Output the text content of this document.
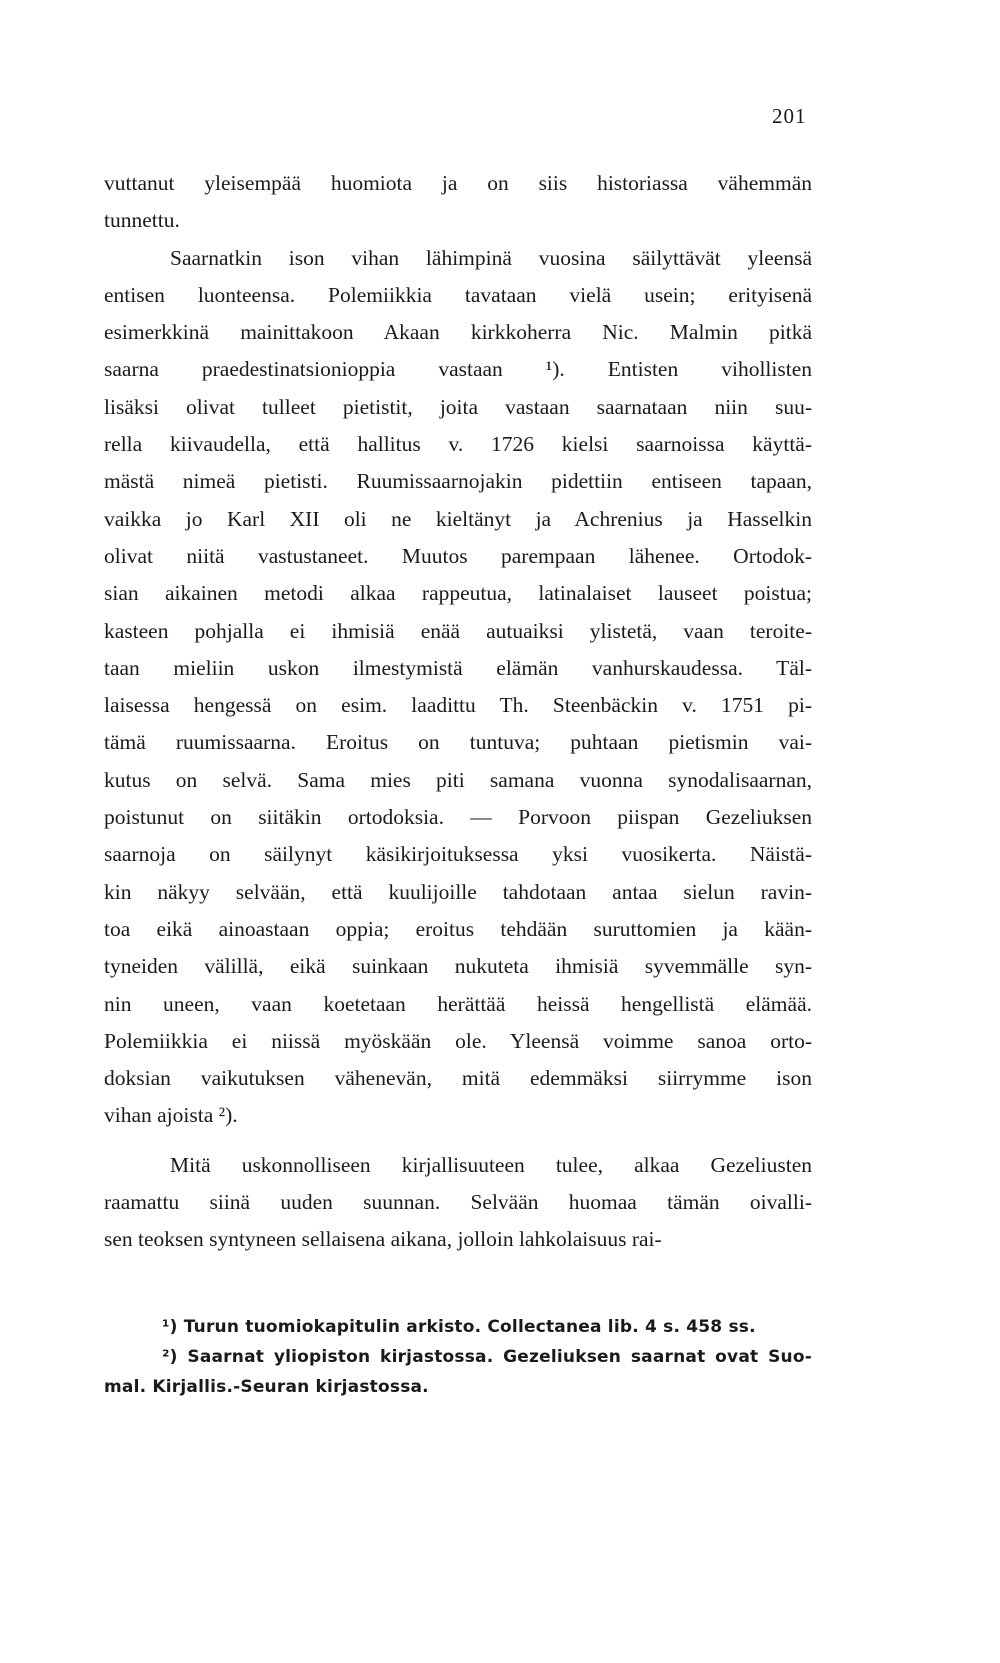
201
vuttanut yleisempää huomiota ja on siis historiassa vähemmän
tunnettu.
Saarnatkin ison vihan lähimpinä vuosina säilyttävät yleensä
entisen luonteensa. Polemiikkia tavataan vielä usein; erityisenä
esimerkkinä mainittakoon Akaan kirkkoherra Nic. Malmin pitkä
saarna praedestinatsionioppia vastaan ¹). Entisten vihollisten
lisäksi olivat tulleet pietistit, joita vastaan saarnataan niin suu-
rella kiivaudella, että hallitus v. 1726 kielsi saarnoissa käyttä-
mästä nimeä pietisti. Ruumissaarnojakin pidettiin entiseen tapaan,
vaikka jo Karl XII oli ne kieltänyt ja Achrenius ja Hasselkin
olivat niitä vastustaneet. Muutos parempaan lähenee. Ortodok-
sian aikainen metodi alkaa rappeutua, latinalaiset lauseet poistua;
kasteen pohjalla ei ihmisiä enää autuaiksi ylistetä, vaan teroite-
taan mieliin uskon ilmestymistä elämän vanhurskaudessa. Täl-
laisessa hengessä on esim. laadittu Th. Steenbäckin v. 1751 pi-
tämä ruumissaarna. Eroitus on tuntuva; puhtaan pietismin vai-
kutus on selvä. Sama mies piti samana vuonna synodalisaarnan,
poistunut on siitäkin ortodoksia. — Porvoon piispan Gezeliuksen
saarnoja on säilynyt käsikirjoituksessa yksi vuosikerta. Näistä-
kin näkyy selvään, että kuulijoille tahdotaan antaa sielun ravin-
toa eikä ainoastaan oppia; eroitus tehdään suruttomien ja kään-
tyneiden välillä, eikä suinkaan nukuteta ihmisiä syvemmälle syn-
nin uneen, vaan koetetaan herättää heissä hengellistä elämää.
Polemiikkia ei niissä myöskään ole. Yleensä voimme sanoa orto-
doksian vaikutuksen vähenevän, mitä edemmäksi siirrymme ison
vihan ajoista ²).
Mitä uskonnolliseen kirjallisuuteen tulee, alkaa Gezeliusten
raamattu siinä uuden suunnan. Selvään huomaa tämän oivalli-
sen teoksen syntyneen sellaisena aikana, jolloin lahkolaisuus rai-
¹) Turun tuomiokapitulin arkisto. Collectanea lib. 4 s. 458 ss.
²) Saarnat yliopiston kirjastossa. Gezeliuksen saarnat ovat Suo-
mal. Kirjallis.-Seuran kirjastossa.
